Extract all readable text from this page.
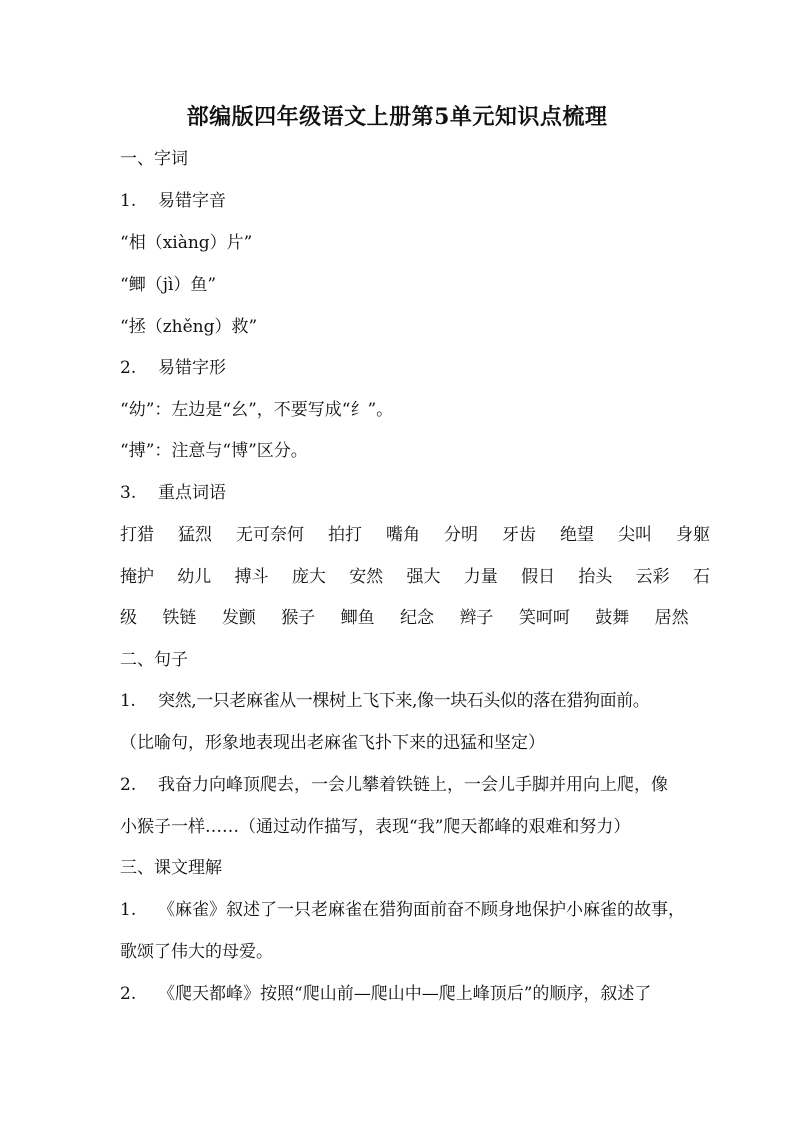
部编版四年级语文上册第5单元知识点梳理
一、字词
1. 易错字音
“相（xiàng）片”
“鲫（jì）鱼”
“拯（zhěng）救”
2. 易错字形
“幼”：左边是“幺”，不要写成“纟”。
“搏”：注意与“博”区分。
3. 重点词语
打猎 猛烈 无可奈何 拍打 嘴角 分明 牙齿 绝望 尖叫 身躯
掩护 幼儿 搏斗 庞大 安然 强大 力量 假日 抬头 云彩 石
级 铁链 发颤 猴子 鲫鱼 纪念 辫子 笑呵呵 鼓舞 居然
二、句子
1. 突然,一只老麻雀从一棵树上飞下来,像一块石头似的落在猎狗面前。
（比喻句，形象地表现出老麻雀飞扑下来的迅猛和坚定）
2. 我奋力向峰顶爬去，一会儿攀着铁链上，一会儿手脚并用向上爬，像
小猴子一样……（通过动作描写，表现“我”爬天都峰的艰难和努力）
三、课文理解
1. 《麻雀》叙述了一只老麻雀在猎狗面前奋不顾身地保护小麻雀的故事，
歌颂了伟大的母爱。
2. 《爬天都峰》按照“爬山前—爬山中—爬上峰顶后”的顺序，叙述了
